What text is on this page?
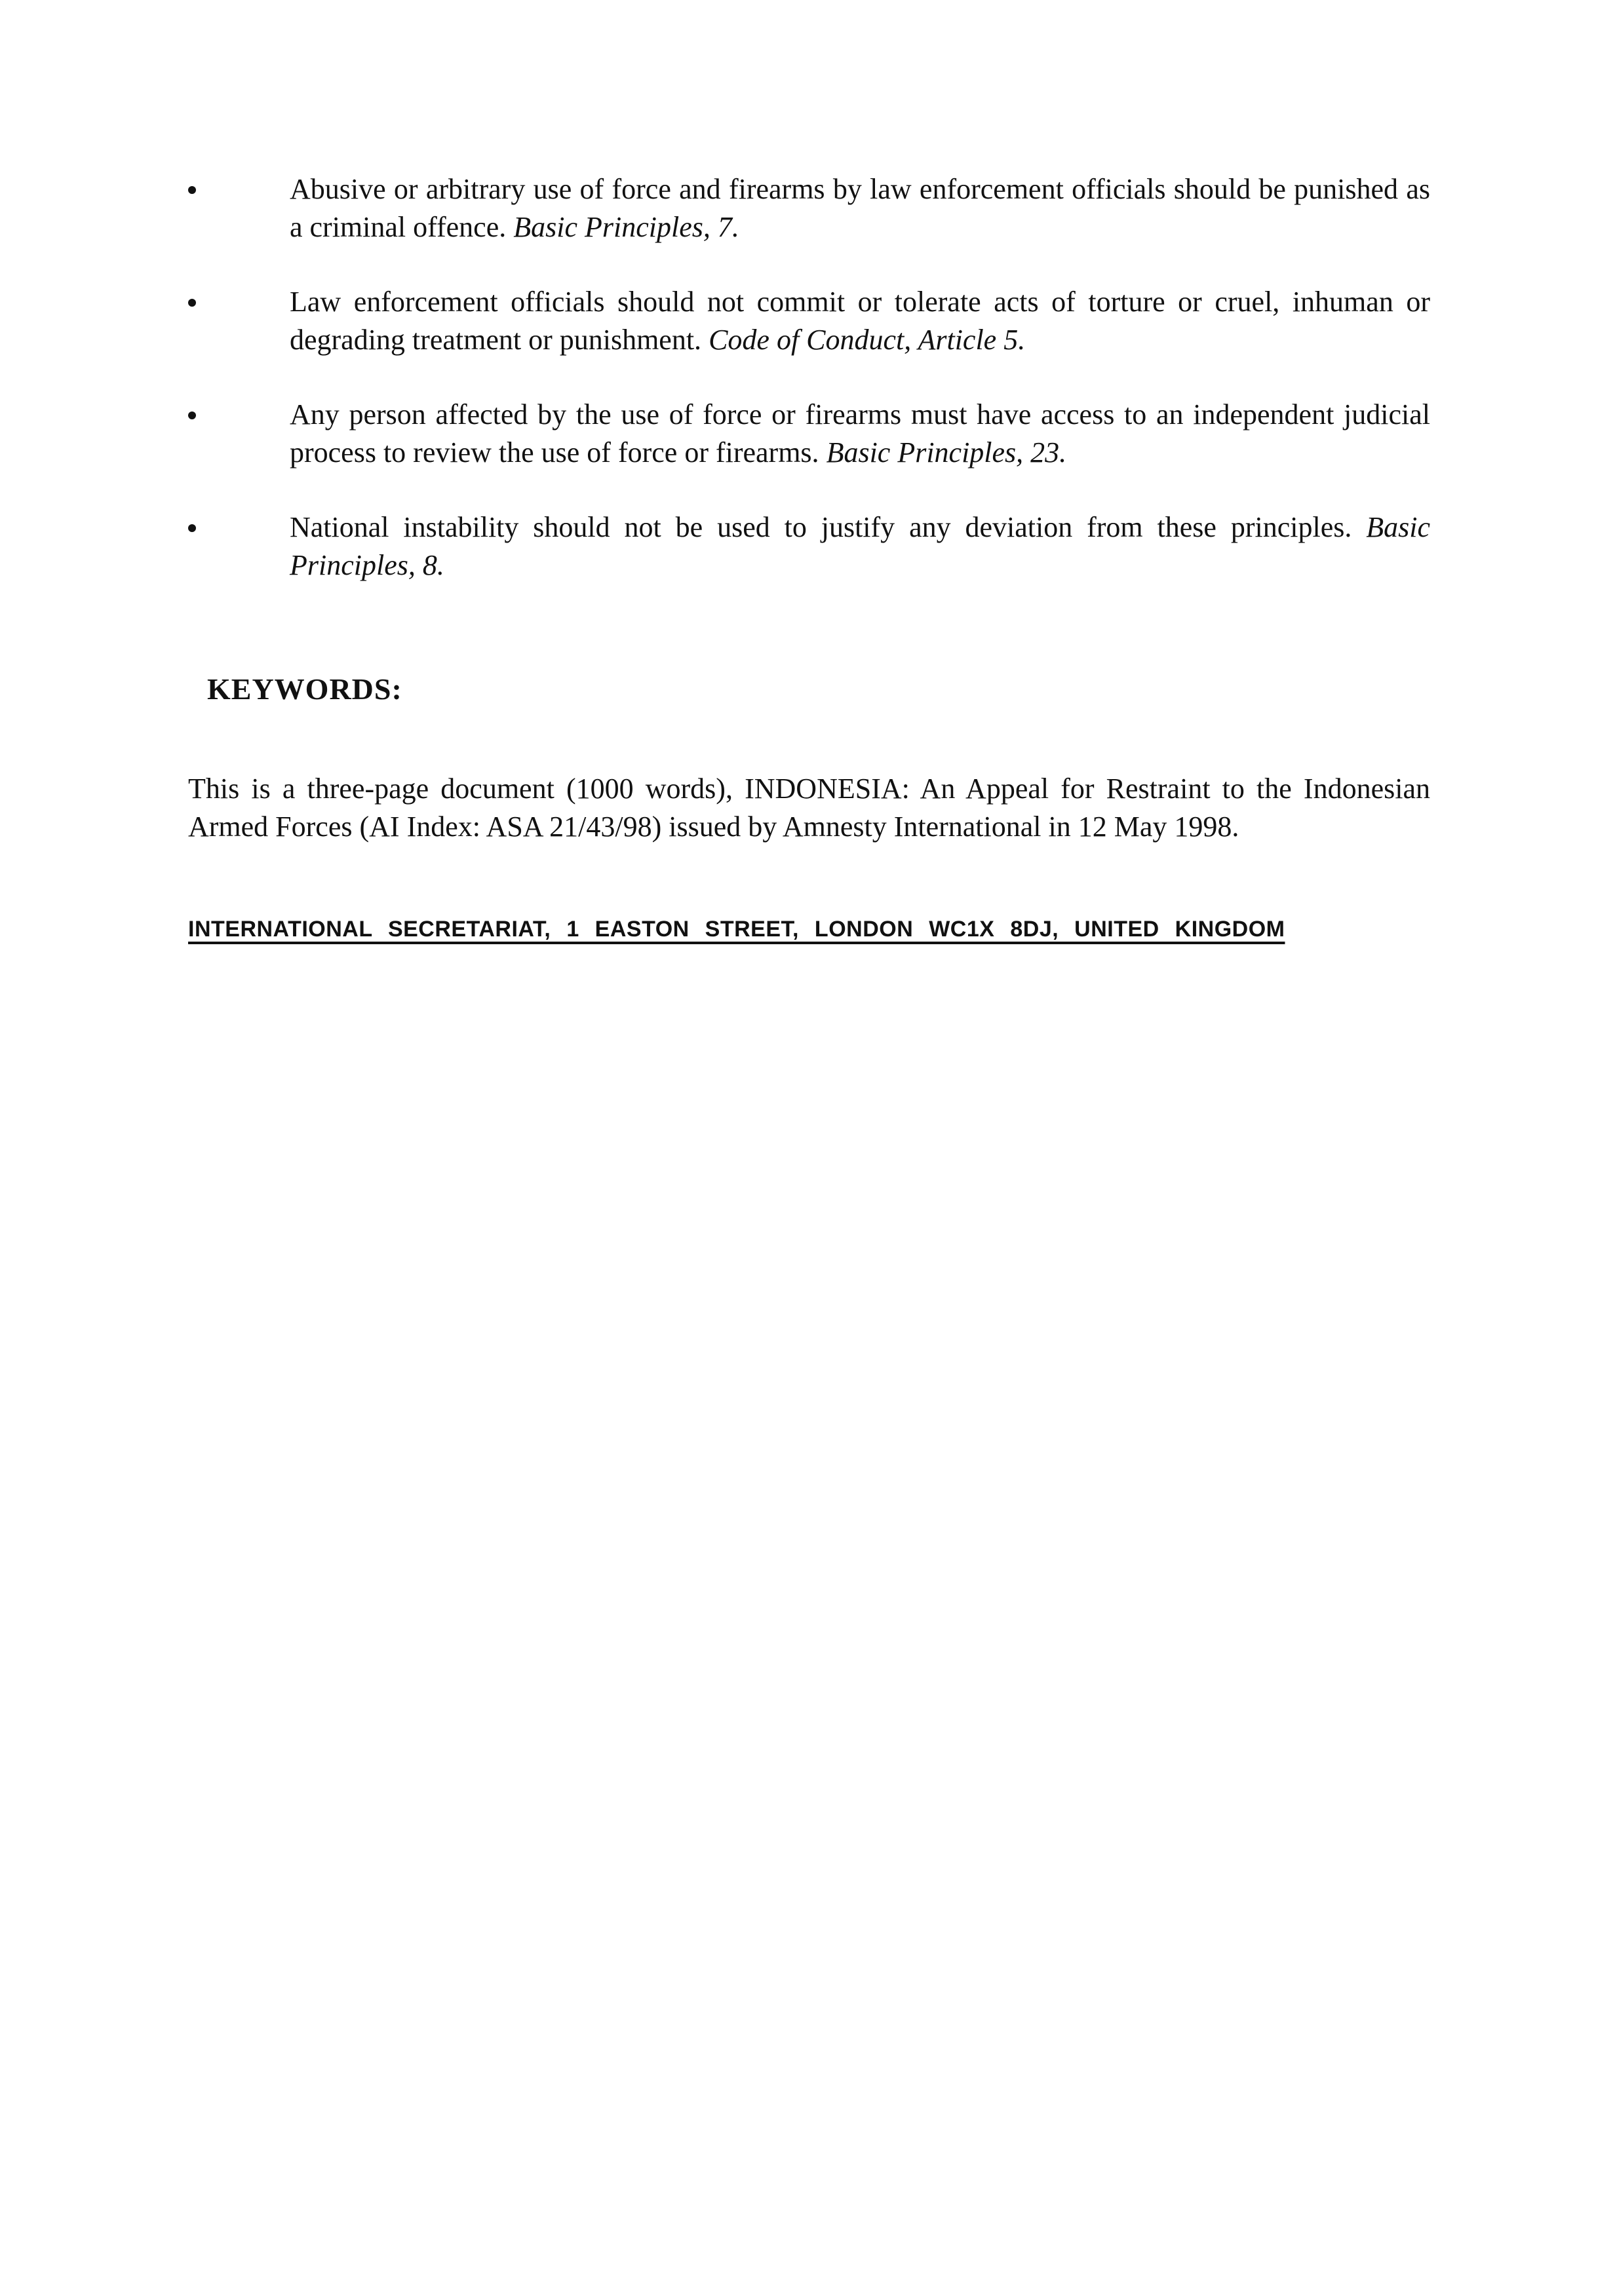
Abusive or arbitrary use of force and firearms by law enforcement officials should be punished as a criminal offence. Basic Principles, 7.

Law enforcement officials should not commit or tolerate acts of torture or cruel, inhuman or degrading treatment or punishment. Code of Conduct, Article 5.

Any person affected by the use of force or firearms must have access to an independent judicial process to review the use of force or firearms. Basic Principles, 23.

National instability should not be used to justify any deviation from these principles. Basic Principles, 8.

KEYWORDS:

This is a three-page document (1000 words), INDONESIA: An Appeal for Restraint to the Indonesian Armed Forces (AI Index: ASA 21/43/98) issued by Amnesty International in 12 May 1998.

INTERNATIONAL SECRETARIAT, 1 EASTON STREET, LONDON WC1X 8DJ, UNITED KINGDOM
